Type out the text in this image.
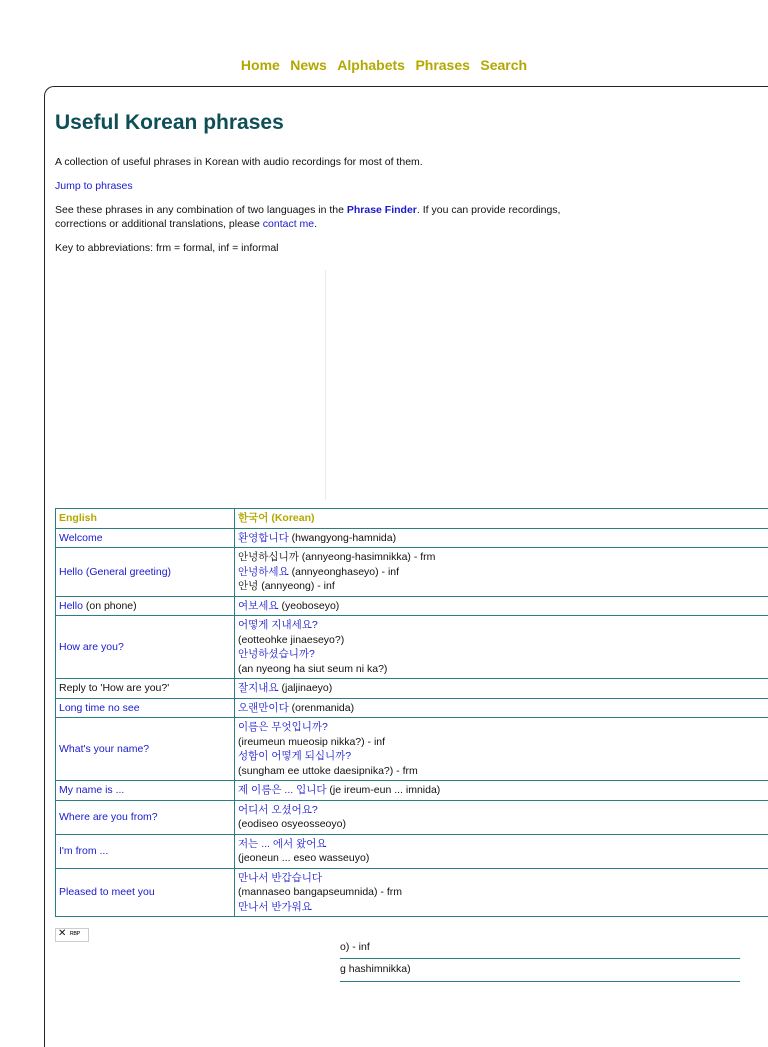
Home News Alphabets Phrases Search
Useful Korean phrases

A collection of useful phrases in Korean with audio recordings for most of them.

Jump to phrases

See these phrases in any combination of two languages in the Phrase Finder. If you can provide recordings,
corrections or additional translations, please contact me.

Key to abbreviations: frm = formal, inf = informal

English	한국어 (Korean)
Welcome	환영합니다 (hwangyong-hamnida)

Hello (General greeting)	안녕하십니까 (annyeong-hasimnikka) - frm
안녕하세요 (annyeonghaseyo) - inf
안녕 (annyeong) - inf

Hello (on phone)	여보세요 (yeoboseyo)

How are you?	어떻게 지내세요?
(eotteohke jinaeseyo?)
안녕하셨습니까?
(an nyeong ha siut seum ni ka?)

Reply to 'How are you?'	잘지내요 (jaljinaeyo)

Long time no see	오랜만이다 (orenmanida)

What's your name?	이름은 무엇입니까?
(ireumeun mueosip nikka?) - inf
성함이 어떻게 되십니까?
(sungham ee uttoke daesipnika?) - frm

My name is ...	제 이름은 ... 입니다 (je ireum-eun ... imnida)

Where are you from?	어디서 오셨어요?
(eodiseo osyeosseoyo)

I'm from ...	저는 ... 에서 왔어요
(jeoneun ... eseo wasseuyo)

Pleased to meet you	만나서 반갑습니다
(mannaseo bangapseumnida) - frm
만나서 반가워요
o) - inf
g hashimnikka)
✕ ᴿᴮᴾ
